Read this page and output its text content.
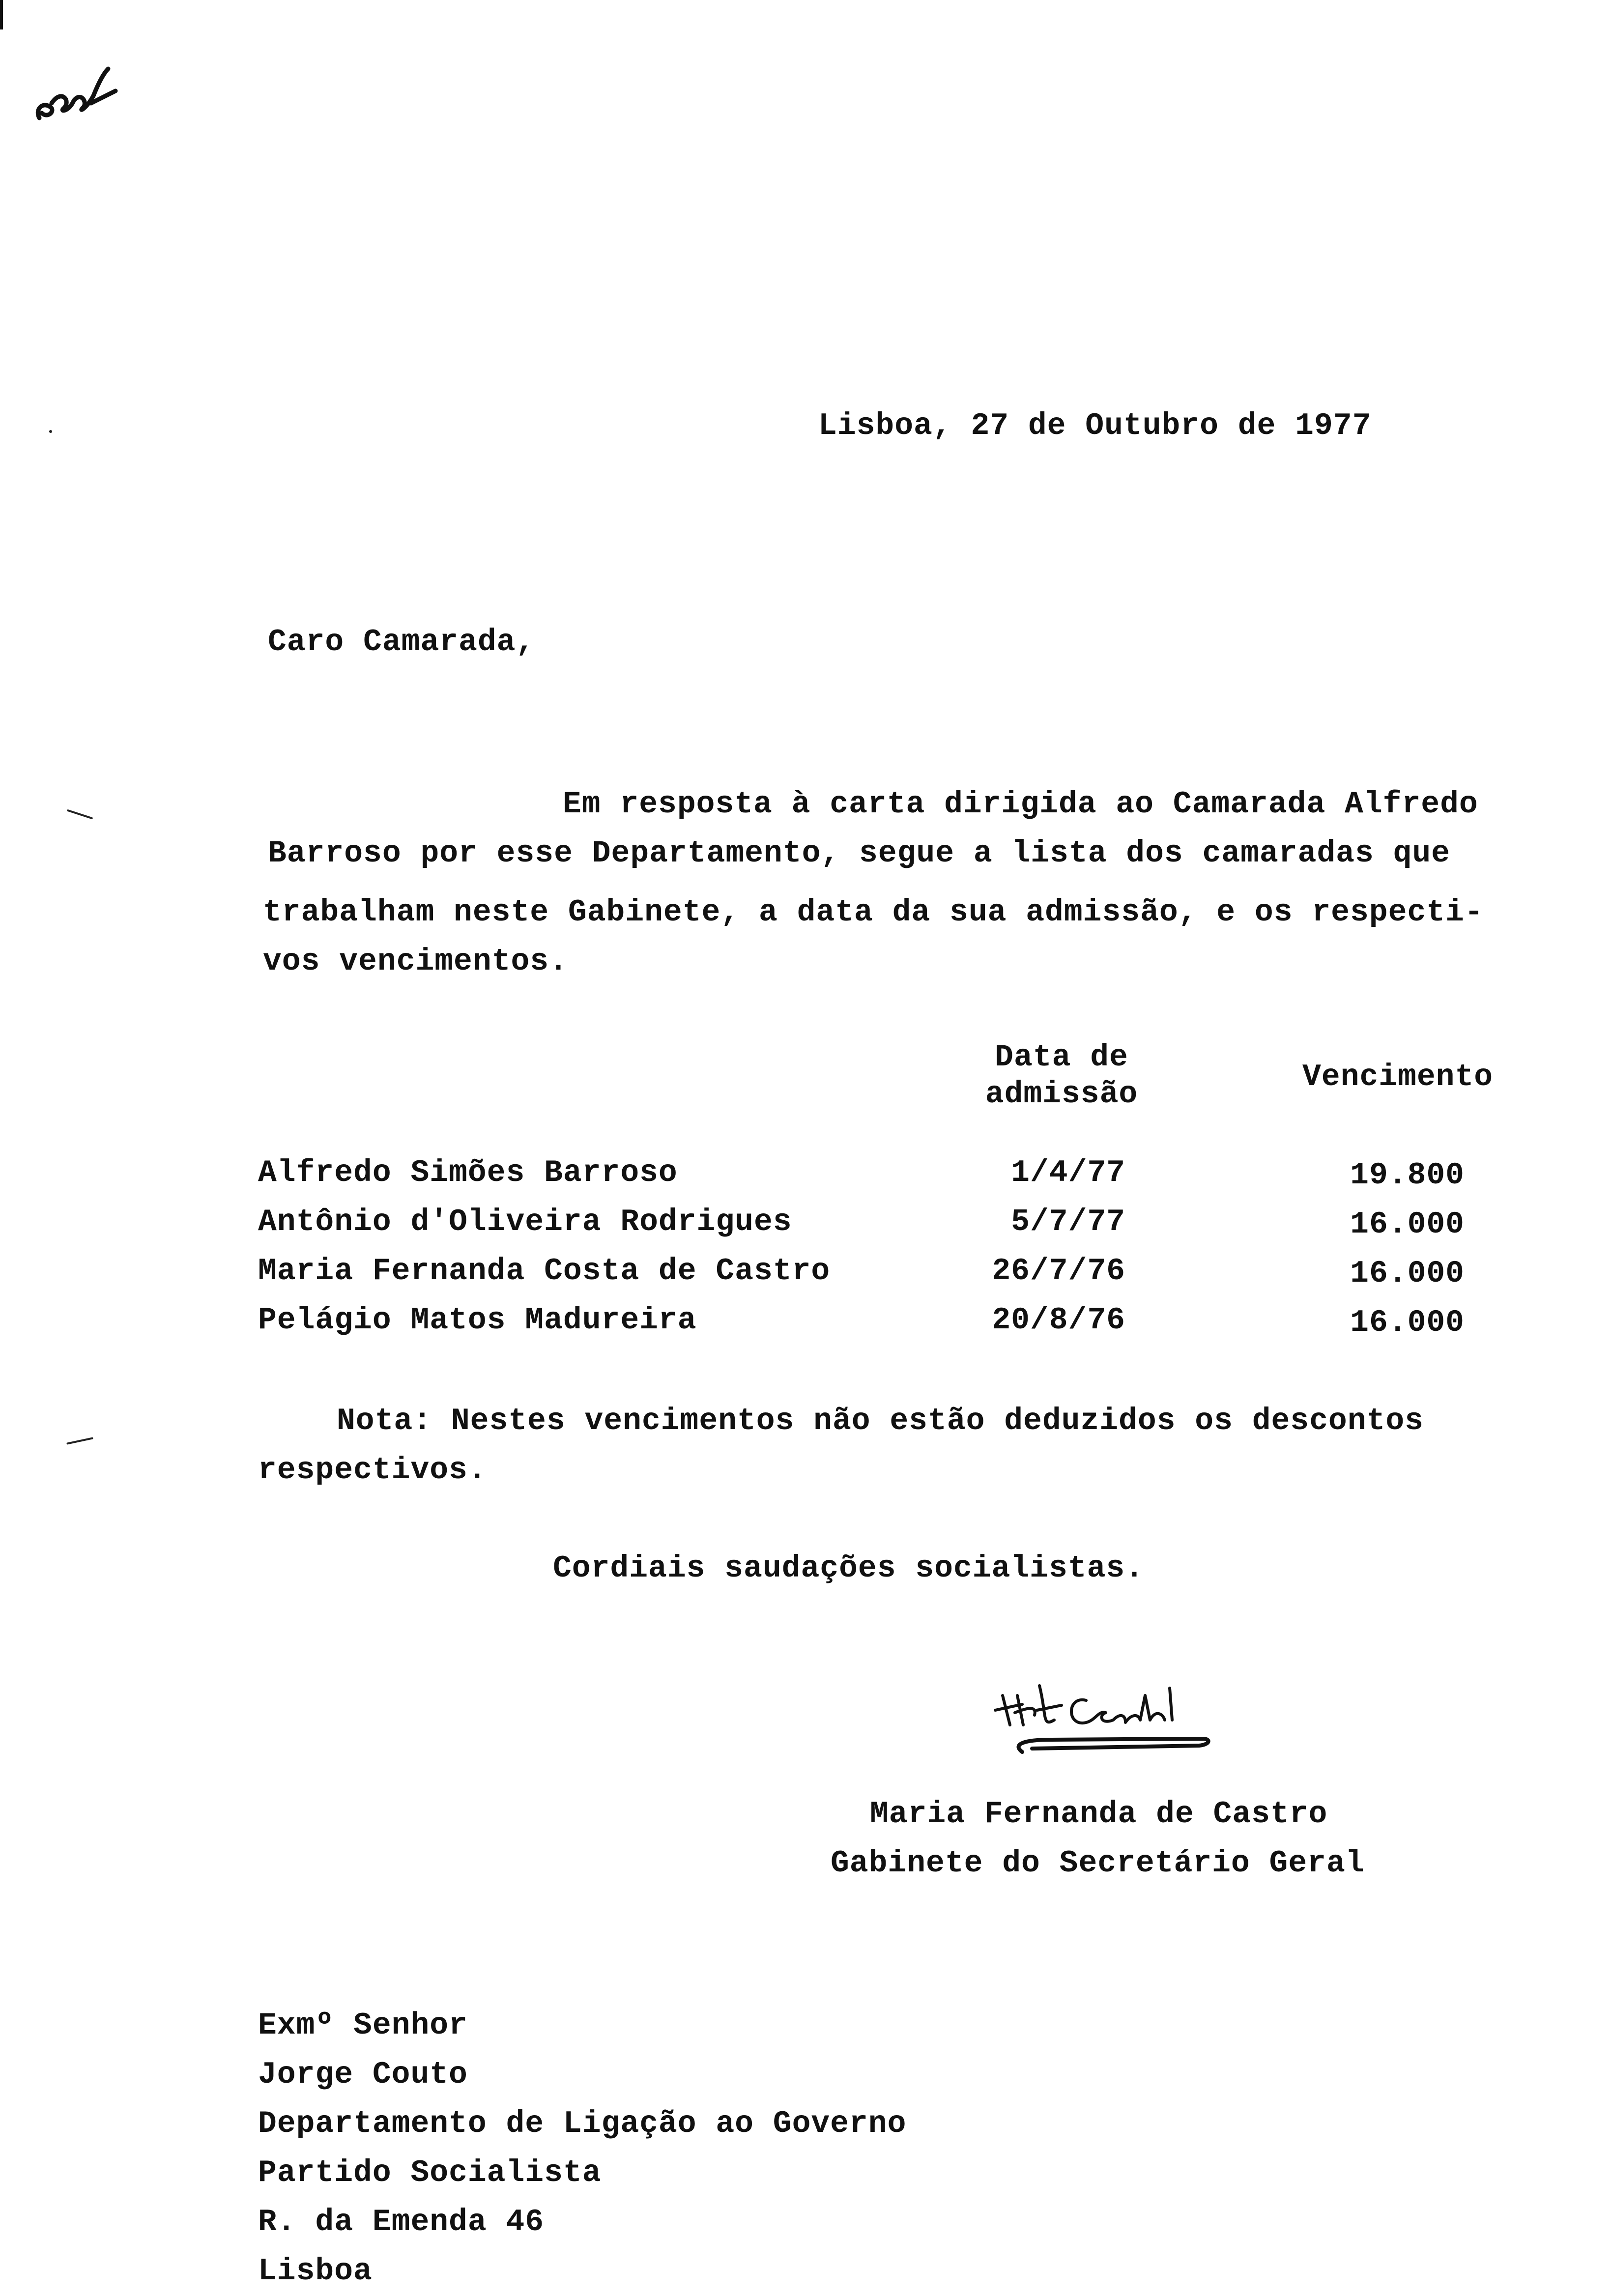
Lisboa, 27 de Outubro de 1977
Caro Camarada,
Em resposta à carta dirigida ao Camarada Alfredo
Barroso por esse Departamento, segue a lista dos camaradas que
trabalham neste Gabinete, a data da sua admissão, e os respecti-
vos vencimentos.
Data de
admissão	Vencimento
Alfredo Simões Barroso	1/4/77	19.800
Antônio d'Oliveira Rodrigues	5/7/77	16.000
Maria Fernanda Costa de Castro	26/7/76	16.000
Pelágio Matos Madureira	20/8/76	16.000
Nota: Nestes vencimentos não estão deduzidos os descontos
respectivos.
Cordiais saudações socialistas.
Maria Fernanda de Castro
Gabinete do Secretário Geral
Exmº Senhor
Jorge Couto
Departamento de Ligação ao Governo
Partido Socialista
R. da Emenda 46
Lisboa
